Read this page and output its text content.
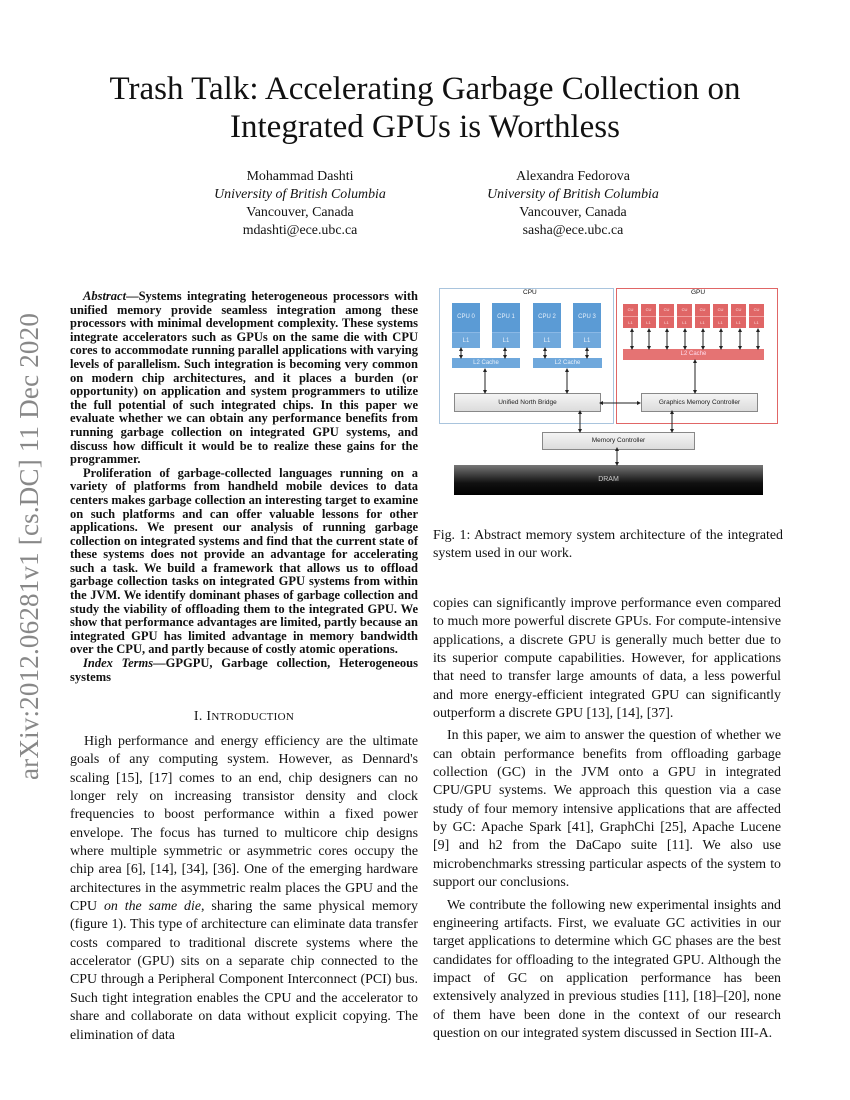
Trash Talk: Accelerating Garbage Collection on Integrated GPUs is Worthless
Mohammad Dashti
University of British Columbia
Vancouver, Canada
mdashti@ece.ubc.ca
Alexandra Fedorova
University of British Columbia
Vancouver, Canada
sasha@ece.ubc.ca
arXiv:2012.06281v1 [cs.DC] 11 Dec 2020

Abstract—Systems integrating heterogeneous processors with unified memory provide seamless integration among these processors with minimal development complexity. These systems integrate accelerators such as GPUs on the same die with CPU cores to accommodate running parallel applications with varying levels of parallelism. Such integration is becoming very common on modern chip architectures, and it places a burden (or opportunity) on application and system programmers to utilize the full potential of such integrated chips. In this paper we evaluate whether we can obtain any performance benefits from running garbage collection on integrated GPU systems, and discuss how difficult it would be to realize these gains for the programmer.

Proliferation of garbage-collected languages running on a variety of platforms from handheld mobile devices to data centers makes garbage collection an interesting target to examine on such platforms and can offer valuable lessons for other applications. We present our analysis of running garbage collection on integrated systems and find that the current state of these systems does not provide an advantage for accelerating such a task. We build a framework that allows us to offload garbage collection tasks on integrated GPU systems from within the JVM. We identify dominant phases of garbage collection and study the viability of offloading them to the integrated GPU. We show that performance advantages are limited, partly because an integrated GPU has limited advantage in memory bandwidth over the CPU, and partly because of costly atomic operations.

Index Terms—GPGPU, Garbage collection, Heterogeneous systems

I. INTRODUCTION

High performance and energy efficiency are the ultimate goals of any computing system. However, as Dennard's scaling [15], [17] comes to an end, chip designers can no longer rely on increasing transistor density and clock frequencies to boost performance within a fixed power envelope. The focus has turned to multicore chip designs where multiple symmetric or asymmetric cores occupy the chip area [6], [14], [34], [36]. One of the emerging hardware architectures in the asymmetric realm places the GPU and the CPU on the same die, sharing the same physical memory (figure 1). This type of architecture can eliminate data transfer costs compared to traditional discrete systems where the accelerator (GPU) sits on a separate chip connected to the CPU through a Peripheral Component Interconnect (PCI) bus. Such tight integration enables the CPU and the accelerator to share and collaborate on data without explicit copying. The elimination of data

CPU	GPU
CPU 0
L1
CPU 1
L1
CPU 2
L1
CPU 3
L1
L2 Cache	L2 Cache
CU
L1
CU
L1
CU
L1
CU
L1
CU
L1
CU
L1
CU
L1
CU
L1
L2 Cache
Unified North Bridge	Graphics Memory Controller
Memory Controller
DRAM
Fig. 1: Abstract memory system architecture of the integrated system used in our work.

copies can significantly improve performance even compared to much more powerful discrete GPUs. For compute-intensive applications, a discrete GPU is generally much better due to its superior compute capabilities. However, for applications that need to transfer large amounts of data, a less powerful and more energy-efficient integrated GPU can significantly outperform a discrete GPU [13], [14], [37].

In this paper, we aim to answer the question of whether we can obtain performance benefits from offloading garbage collection (GC) in the JVM onto a GPU in integrated CPU/GPU systems. We approach this question via a case study of four memory intensive applications that are affected by GC: Apache Spark [41], GraphChi [25], Apache Lucene [9] and h2 from the DaCapo suite [11]. We also use microbenchmarks stressing particular aspects of the system to support our conclusions.

We contribute the following new experimental insights and engineering artifacts. First, we evaluate GC activities in our target applications to determine which GC phases are the best candidates for offloading to the integrated GPU. Although the impact of GC on application performance has been extensively analyzed in previous studies [11], [18]–[20], none of them have been done in the context of our research question on our integrated system discussed in Section III-A.
